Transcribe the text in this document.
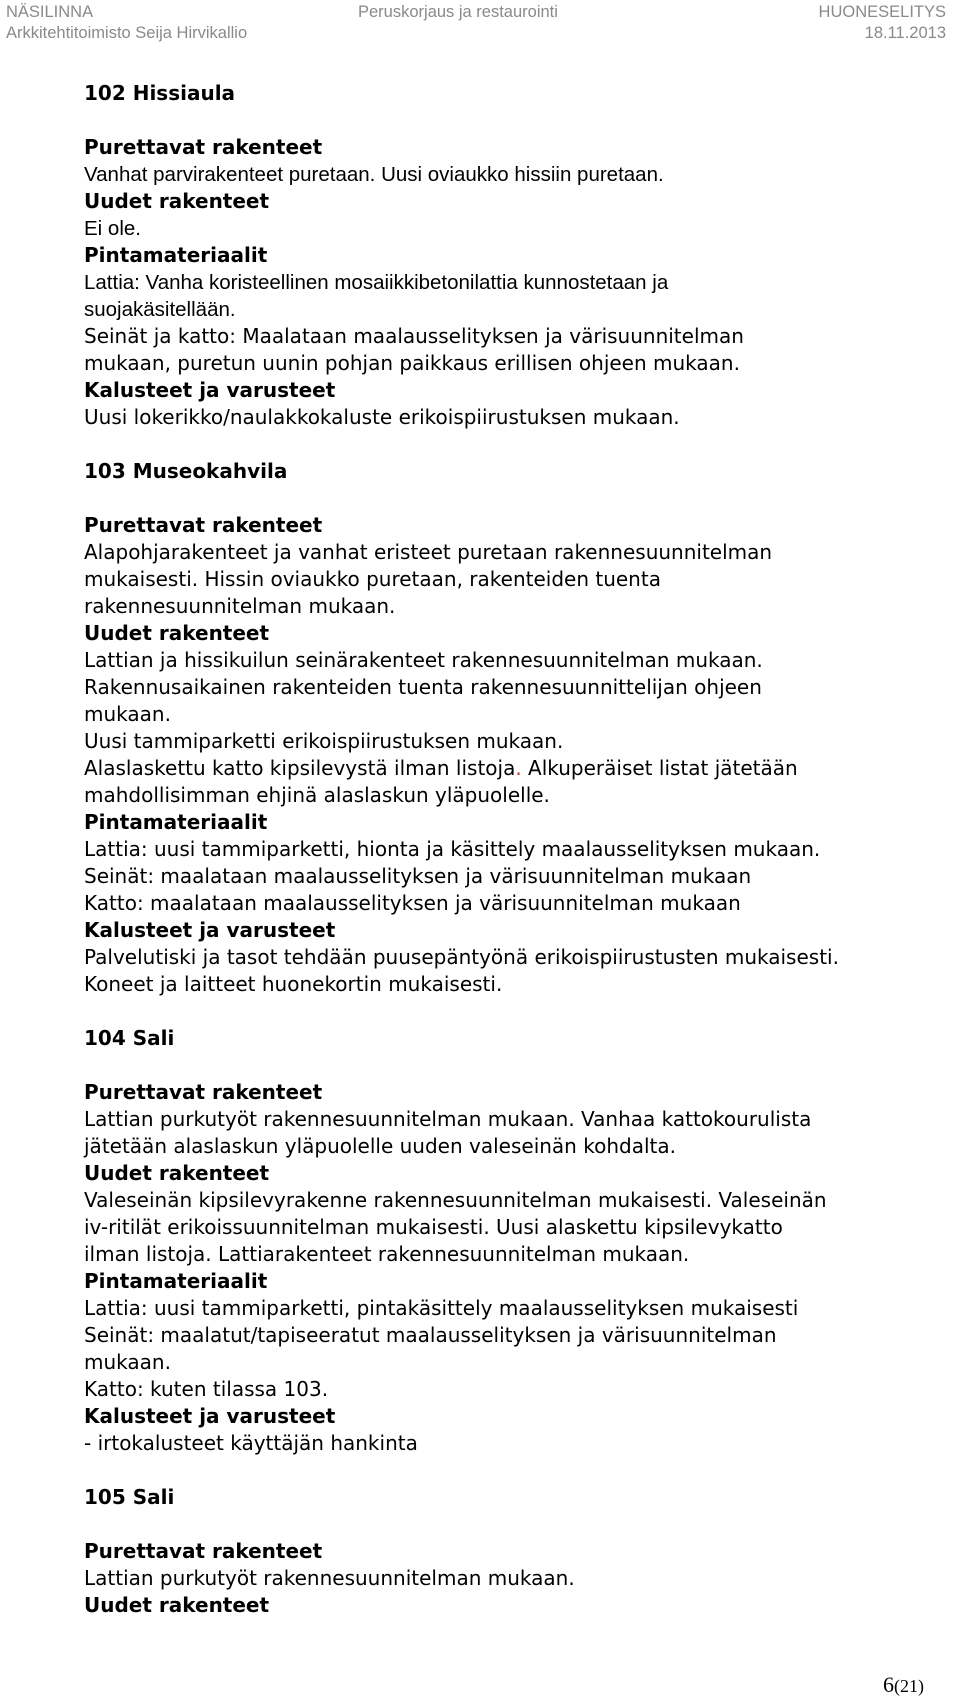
NÄSILINNA
Arkkitehtitoimisto Seija Hirvikallio
Peruskorjaus ja restaurointi	HUONESELITYS
18.11.2013
102 Hissiaula
Purettavat rakenteet
Vanhat parvirakenteet puretaan. Uusi oviaukko hissiin puretaan.
Uudet rakenteet
Ei ole.
Pintamateriaalit
Lattia: Vanha koristeellinen mosaiikkibetonilattia kunnostetaan ja
suojakäsitellään.
Seinät ja katto: Maalataan maalausselityksen ja värisuunnitelman
mukaan, puretun uunin pohjan paikkaus erillisen ohjeen mukaan.
Kalusteet ja varusteet
Uusi lokerikko/naulakkokaluste erikoispiirustuksen mukaan.
103 Museokahvila
Purettavat rakenteet
Alapohjarakenteet ja vanhat eristeet puretaan rakennesuunnitelman
mukaisesti. Hissin oviaukko puretaan, rakenteiden tuenta
rakennesuunnitelman mukaan.
Uudet rakenteet
Lattian ja hissikuilun seinärakenteet rakennesuunnitelman mukaan.
Rakennusaikainen rakenteiden tuenta rakennesuunnittelijan ohjeen
mukaan.
Uusi tammiparketti erikoispiirustuksen mukaan.
Alaslaskettu katto kipsilevystä ilman listoja. Alkuperäiset listat jätetään
mahdollisimman ehjinä alaslaskun yläpuolelle.
Pintamateriaalit
Lattia: uusi tammiparketti, hionta ja käsittely maalausselityksen mukaan.
Seinät: maalataan maalausselityksen ja värisuunnitelman mukaan
Katto: maalataan maalausselityksen ja värisuunnitelman mukaan
Kalusteet ja varusteet
Palvelutiski ja tasot tehdään puusepäntyönä erikoispiirustusten mukaisesti.
Koneet ja laitteet huonekortin mukaisesti.
104 Sali
Purettavat rakenteet
Lattian purkutyöt rakennesuunnitelman mukaan. Vanhaa kattokourulista
jätetään alaslaskun yläpuolelle uuden valeseinän kohdalta.
Uudet rakenteet
Valeseinän kipsilevyrakenne rakennesuunnitelman mukaisesti. Valeseinän
iv-ritilät erikoissuunnitelman mukaisesti. Uusi alaskettu kipsilevykatto
ilman listoja. Lattiarakenteet rakennesuunnitelman mukaan.
Pintamateriaalit
Lattia: uusi tammiparketti, pintakäsittely maalausselityksen mukaisesti
Seinät: maalatut/tapiseeratut maalausselityksen ja värisuunnitelman
mukaan.
Katto: kuten tilassa 103.
Kalusteet ja varusteet
- irtokalusteet käyttäjän hankinta
105 Sali
Purettavat rakenteet
Lattian purkutyöt rakennesuunnitelman mukaan.
Uudet rakenteet
6(21)
